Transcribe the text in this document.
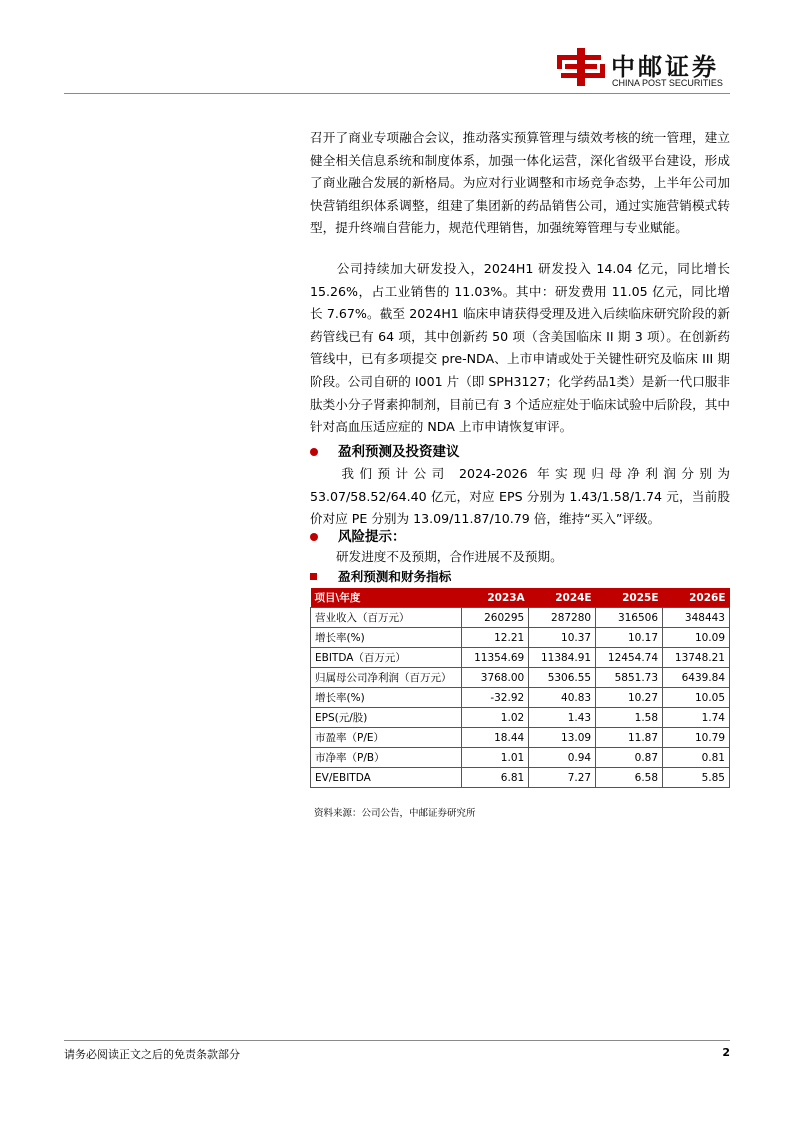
中邮证券
CHINA POST SECURITIES

召开了商业专项融合会议，推动落实预算管理与绩效考核的统一管理，建立健全相关信息系统和制度体系，加强一体化运营，深化省级平台建设，形成了商业融合发展的新格局。为应对行业调整和市场竞争态势，上半年公司加快营销组织体系调整，组建了集团新的药品销售公司，通过实施营销模式转型，提升终端自营能力，规范代理销售，加强统筹管理与专业赋能。

公司持续加大研发投入，2024H1 研发投入 14.04 亿元，同比增长 15.26%，占工业销售的 11.03%。其中：研发费用 11.05 亿元，同比增长 7.67%。截至 2024H1 临床申请获得受理及进入后续临床研究阶段的新药管线已有 64 项，其中创新药 50 项（含美国临床 II 期 3 项）。在创新药管线中，已有多项提交 pre-NDA、上市申请或处于关键性研究及临床 III 期阶段。公司自研的 I001 片（即 SPH3127；化学药品1类）是新一代口服非肽类小分子肾素抑制剂，目前已有 3 个适应症处于临床试验中后阶段，其中针对高血压适应症的 NDA 上市申请恢复审评。

盈利预测及投资建议

我们预计公司 2024-2026 年实现归母净利润分别为 53.07/58.52/64.40 亿元，对应 EPS 分别为 1.43/1.58/1.74 元，当前股价对应 PE 分别为 13.09/11.87/10.79 倍，维持“买入”评级。

风险提示：

研发进度不及预期，合作进展不及预期。

盈利预测和财务指标
项目\年度	2023A	2024E	2025E	2026E
营业收入（百万元）	260295	287280	316506	348443
增长率(%)	12.21	10.37	10.17	10.09
EBITDA（百万元）	11354.69	11384.91	12454.74	13748.21
归属母公司净利润（百万元）	3768.00	5306.55	5851.73	6439.84
增长率(%)	-32.92	40.83	10.27	10.05
EPS(元/股)	1.02	1.43	1.58	1.74
市盈率（P/E）	18.44	13.09	11.87	10.79
市净率（P/B）	1.01	0.94	0.87	0.81
EV/EBITDA	6.81	7.27	6.58	5.85
资料来源：公司公告，中邮证券研究所
请务必阅读正文之后的免责条款部分	2
